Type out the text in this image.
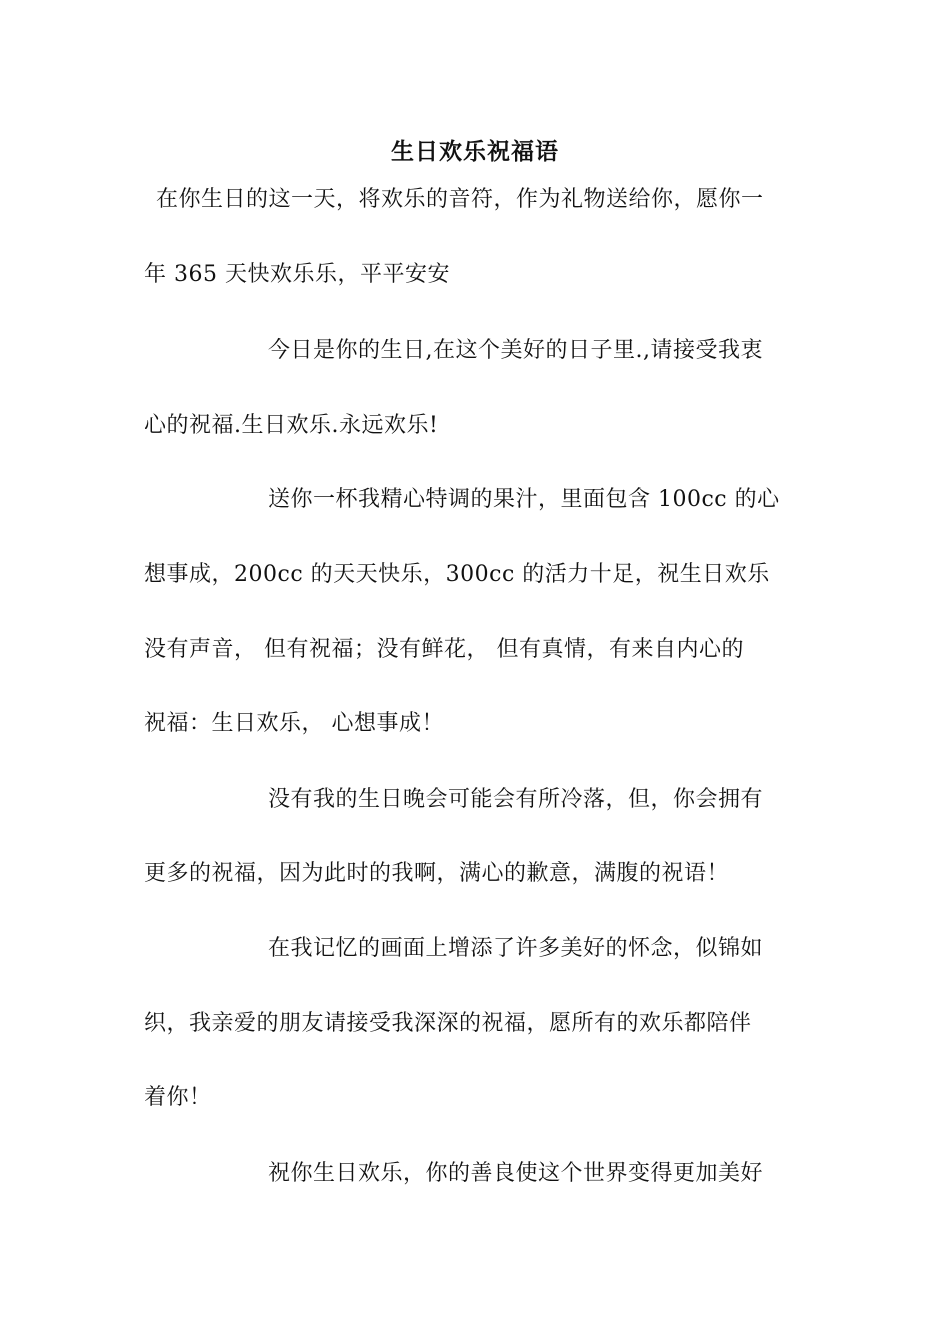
生日欢乐祝福语
在你生日的这一天，将欢乐的音符，作为礼物送给你，愿你一
年 365 天快欢乐乐，平平安安
今日是你的生日,在这个美好的日子里.,请接受我衷
心的祝福.生日欢乐.永远欢乐!
送你一杯我精心特调的果汁，里面包含 100cc 的心
想事成，200cc 的天天快乐，300cc 的活力十足，祝生日欢乐
没有声音， 但有祝福；没有鲜花， 但有真情，有来自内心的
祝福：生日欢乐， 心想事成！
没有我的生日晚会可能会有所冷落，但，你会拥有
更多的祝福，因为此时的我啊，满心的歉意，满腹的祝语！
在我记忆的画面上增添了许多美好的怀念，似锦如
织，我亲爱的朋友请接受我深深的祝福，愿所有的欢乐都陪伴
着你！
祝你生日欢乐，你的善良使这个世界变得更加美好
